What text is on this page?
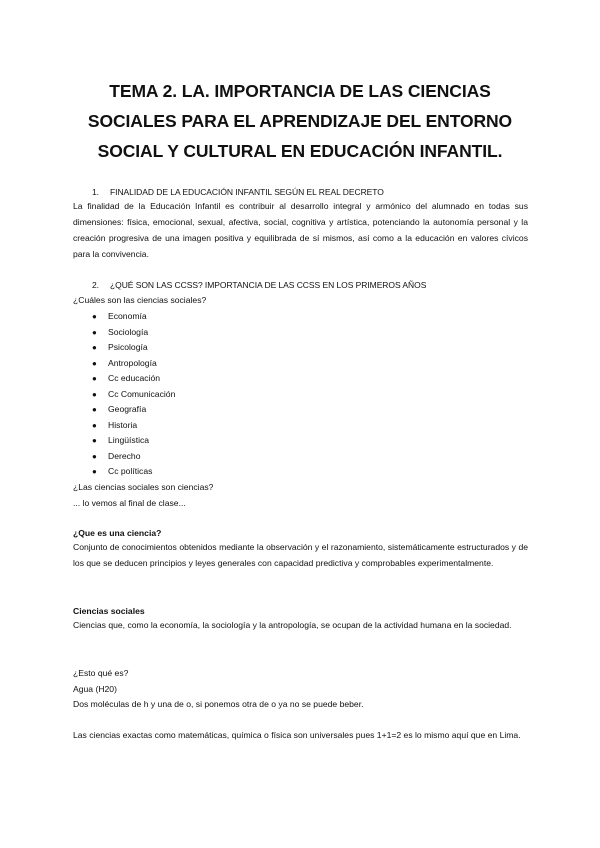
TEMA 2. LA. IMPORTANCIA DE LAS CIENCIAS
SOCIALES PARA EL APRENDIZAJE DEL ENTORNO
SOCIAL Y CULTURAL EN EDUCACIÓN INFANTIL.
1. FINALIDAD DE LA EDUCACIÓN INFANTIL SEGÚN EL REAL DECRETO
La finalidad de la Educación Infantil es contribuir al desarrollo integral y armónico del alumnado en todas sus dimensiones: física, emocional, sexual, afectiva, social, cognitiva y artística, potenciando la autonomía personal y la creación progresiva de una imagen positiva y equilibrada de sí mismos, así como a la educación en valores cívicos para la convivencia.
2. ¿QUÉ SON LAS CCSS? IMPORTANCIA DE LAS CCSS EN LOS PRIMEROS AÑOS
¿Cuáles son las ciencias sociales?
● Economía
● Sociología
● Psicología
● Antropología
● Cc educación
● Cc Comunicación
● Geografía
● Historia
● Lingüística
● Derecho
● Cc políticas
¿Las ciencias sociales son ciencias?
... lo vemos al final de clase...
¿Que es una ciencia?
Conjunto de conocimientos obtenidos mediante la observación y el razonamiento, sistemáticamente estructurados y de los que se deducen principios y leyes generales con capacidad predictiva y comprobables experimentalmente.
Ciencias sociales
Ciencias que, como la economía, la sociología y la antropología, se ocupan de la actividad humana en la sociedad.
¿Esto qué es?
Agua (H20)
Dos moléculas de h y una de o, si ponemos otra de o ya no se puede beber.
Las ciencias exactas como matemáticas, química o física son universales pues 1+1=2 es lo mismo aquí que en Lima.
